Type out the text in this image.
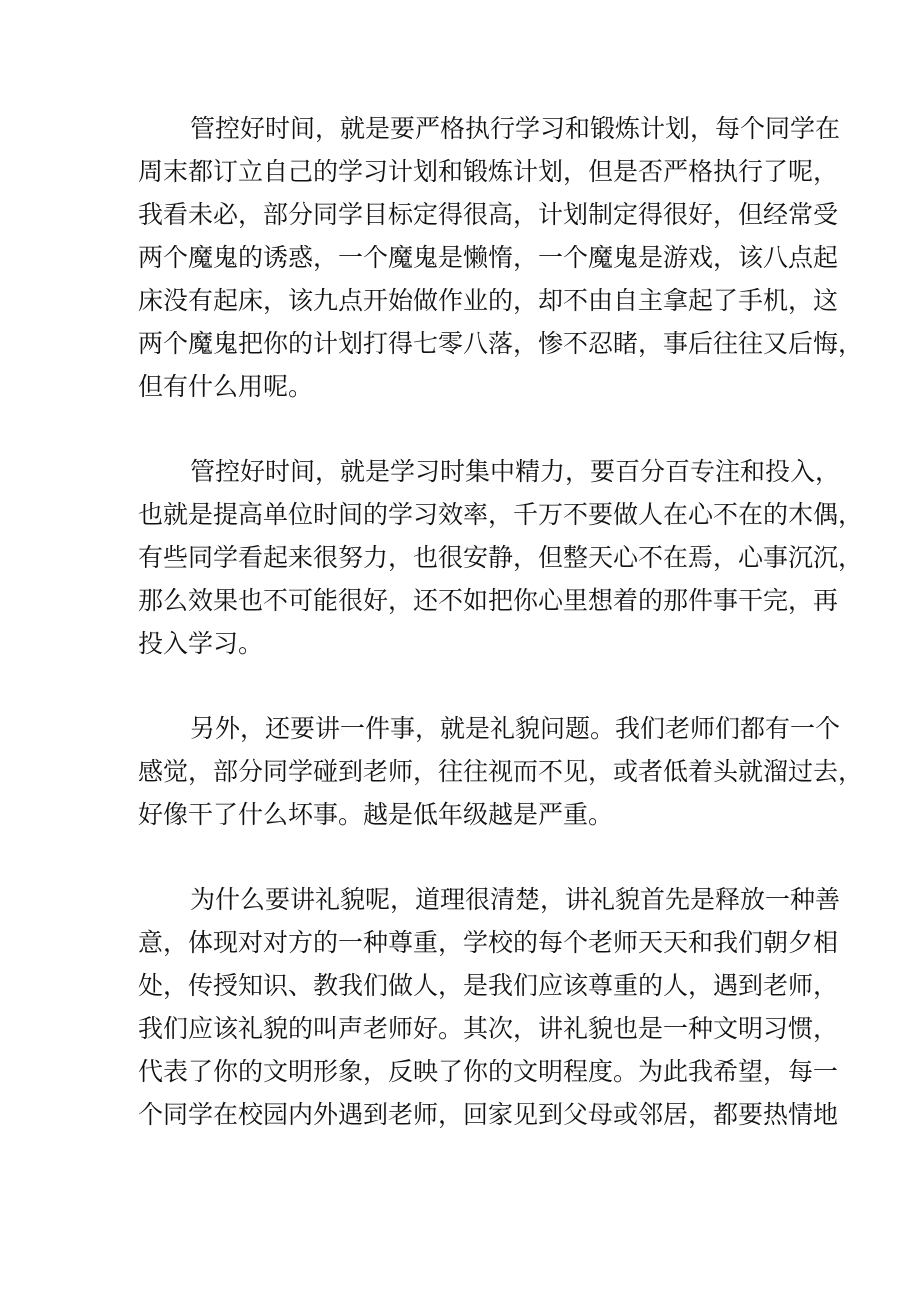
管控好时间，就是要严格执行学习和锻炼计划，每个同学在
周末都订立自己的学习计划和锻炼计划，但是否严格执行了呢，
我看未必，部分同学目标定得很高，计划制定得很好，但经常受
两个魔鬼的诱惑，一个魔鬼是懒惰，一个魔鬼是游戏，该八点起
床没有起床，该九点开始做作业的，却不由自主拿起了手机，这
两个魔鬼把你的计划打得七零八落，惨不忍睹，事后往往又后悔，
但有什么用呢。
管控好时间，就是学习时集中精力，要百分百专注和投入，
也就是提高单位时间的学习效率，千万不要做人在心不在的木偶，
有些同学看起来很努力，也很安静，但整天心不在焉，心事沉沉，
那么效果也不可能很好，还不如把你心里想着的那件事干完，再
投入学习。
另外，还要讲一件事，就是礼貌问题。我们老师们都有一个
感觉，部分同学碰到老师，往往视而不见，或者低着头就溜过去，
好像干了什么坏事。越是低年级越是严重。
为什么要讲礼貌呢，道理很清楚，讲礼貌首先是释放一种善
意，体现对对方的一种尊重，学校的每个老师天天和我们朝夕相
处，传授知识、教我们做人，是我们应该尊重的人，遇到老师，
我们应该礼貌的叫声老师好。其次，讲礼貌也是一种文明习惯，
代表了你的文明形象，反映了你的文明程度。为此我希望，每一
个同学在校园内外遇到老师，回家见到父母或邻居，都要热情地
